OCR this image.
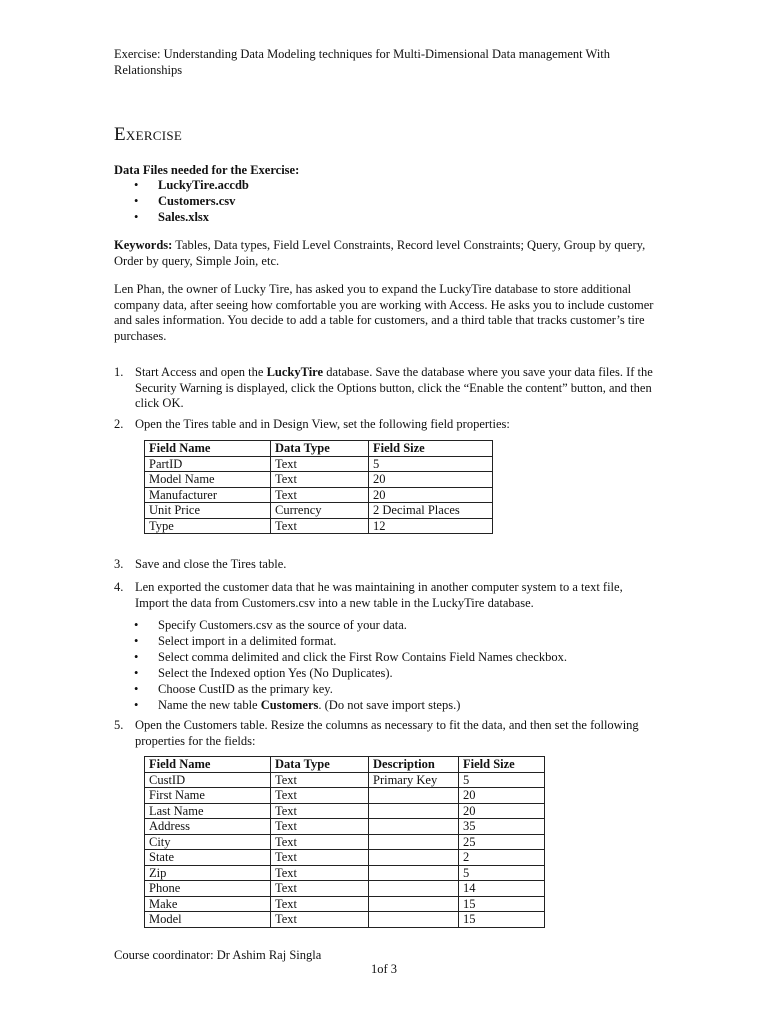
Exercise: Understanding Data Modeling techniques for Multi-Dimensional Data management With Relationships
Exercise
Data Files needed for the Exercise:
• LuckyTire.accdb
• Customers.csv
• Sales.xlsx
Keywords: Tables, Data types, Field Level Constraints, Record level Constraints; Query, Group by query, Order by query, Simple Join, etc.
Len Phan, the owner of Lucky Tire, has asked you to expand the LuckyTire database to store additional company data, after seeing how comfortable you are working with Access. He asks you to include customer and sales information. You decide to add a table for customers, and a third table that tracks customer’s tire purchases.
1. Start Access and open the LuckyTire database. Save the database where you save your data files. If the Security Warning is displayed, click the Options button, click the “Enable the content” button, and then click OK.
2. Open the Tires table and in Design View, set the following field properties:
Field Name	Data Type	Field Size
PartID	Text	5
Model Name	Text	20
Manufacturer	Text	20
Unit Price	Currency	2 Decimal Places
Type	Text	12
3. Save and close the Tires table.
4. Len exported the customer data that he was maintaining in another computer system to a text file, Import the data from Customers.csv into a new table in the LuckyTire database.
• Specify Customers.csv as the source of your data.
• Select import in a delimited format.
• Select comma delimited and click the First Row Contains Field Names checkbox.
• Select the Indexed option Yes (No Duplicates).
• Choose CustID as the primary key.
• Name the new table Customers. (Do not save import steps.)
5. Open the Customers table. Resize the columns as necessary to fit the data, and then set the following properties for the fields:
Field Name	Data Type	Description	Field Size
CustID	Text	Primary Key	5
First Name	Text		20
Last Name	Text		20
Address	Text		35
City	Text		25
State	Text		2
Zip	Text		5
Phone	Text		14
Make	Text		15
Model	Text		15
Course coordinator: Dr Ashim Raj Singla
1of 3
